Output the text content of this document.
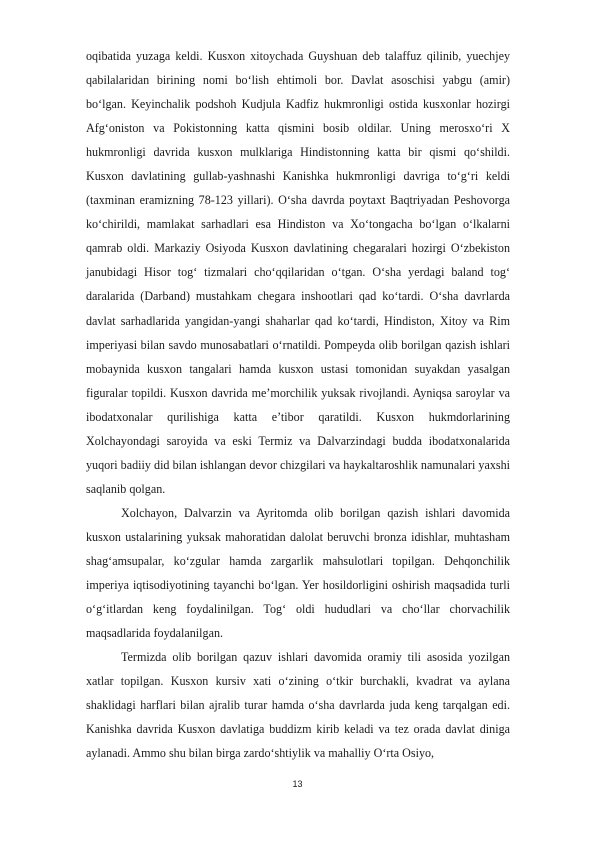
oqibatida yuzaga keldi. Kusxon xitoychada Guyshuan deb talaffuz qilinib, yuechjey qabilalaridan birining nomi bo‘lish ehtimoli bor. Davlat asoschisi yabgu (amir) bo‘lgan. Keyinchalik podshoh Kudjula Kadfiz hukmronligi ostida kusxonlar hozirgi Afg‘oniston va Pokistonning katta qismini bosib oldilar. Uning merosxo‘ri X hukmronligi davrida kusxon mulklariga Hindistonning katta bir qismi qo‘shildi. Kusxon davlatining gullab-yashnashi Kanishka hukmronligi davriga to‘g‘ri keldi (taxminan eramizning 78-123 yillari). O‘sha davrda poytaxt Baqtriyadan Peshovorga ko‘chirildi, mamlakat sarhadlari esa Hindiston va Xo‘tongacha bo‘lgan o‘lkalarni qamrab oldi. Markaziy Osiyoda Kusxon davlatining chegaralari hozirgi O‘zbekiston janubidagi Hisor tog‘ tizmalari cho‘qqilaridan o‘tgan. O‘sha yerdagi baland tog‘ daralarida (Darband) mustahkam chegara inshootlari qad ko‘tardi. O‘sha davrlarda davlat sarhadlarida yangidan-yangi shaharlar qad ko‘tardi, Hindiston, Xitoy va Rim imperiyasi bilan savdo munosabatlari o‘rnatildi. Pompeyda olib borilgan qazish ishlari mobaynida kusxon tangalari hamda kusxon ustasi tomonidan suyakdan yasalgan figuralar topildi. Kusxon davrida me’morchilik yuksak rivojlandi. Ayniqsa saroylar va ibodatxonalar qurilishiga katta e’tibor qaratildi. Kusxon hukmdorlarining Xolchayondagi saroyida va eski Termiz va Dalvarzindagi budda ibodatxonalarida yuqori badiiy did bilan ishlangan devor chizgilari va haykaltaroshlik namunalari yaxshi saqlanib qolgan.

Xolchayon, Dalvarzin va Ayritomda olib borilgan qazish ishlari davomida kusxon ustalarining yuksak mahoratidan dalolat beruvchi bronza idishlar, muhtasham shag‘amsupalar, ko‘zgular hamda zargarlik mahsulotlari topilgan. Dehqonchilik imperiya iqtisodiyotining tayanchi bo‘lgan. Yer hosildorligini oshirish maqsadida turli o‘g‘itlardan keng foydalinilgan. Tog‘ oldi hududlari va cho‘llar chorvachilik maqsadlarida foydalanilgan.

Termizda olib borilgan qazuv ishlari davomida oramiy tili asosida yozilgan xatlar topilgan. Kusxon kursiv xati o‘zining o‘tkir burchakli, kvadrat va aylana shaklidagi harflari bilan ajralib turar hamda o‘sha davrlarda juda keng tarqalgan edi. Kanishka davrida Kusxon davlatiga buddizm kirib keladi va tez orada davlat diniga aylanadi. Ammo shu bilan birga zardo‘shtiylik va mahalliy O‘rta Osiyo,

13
